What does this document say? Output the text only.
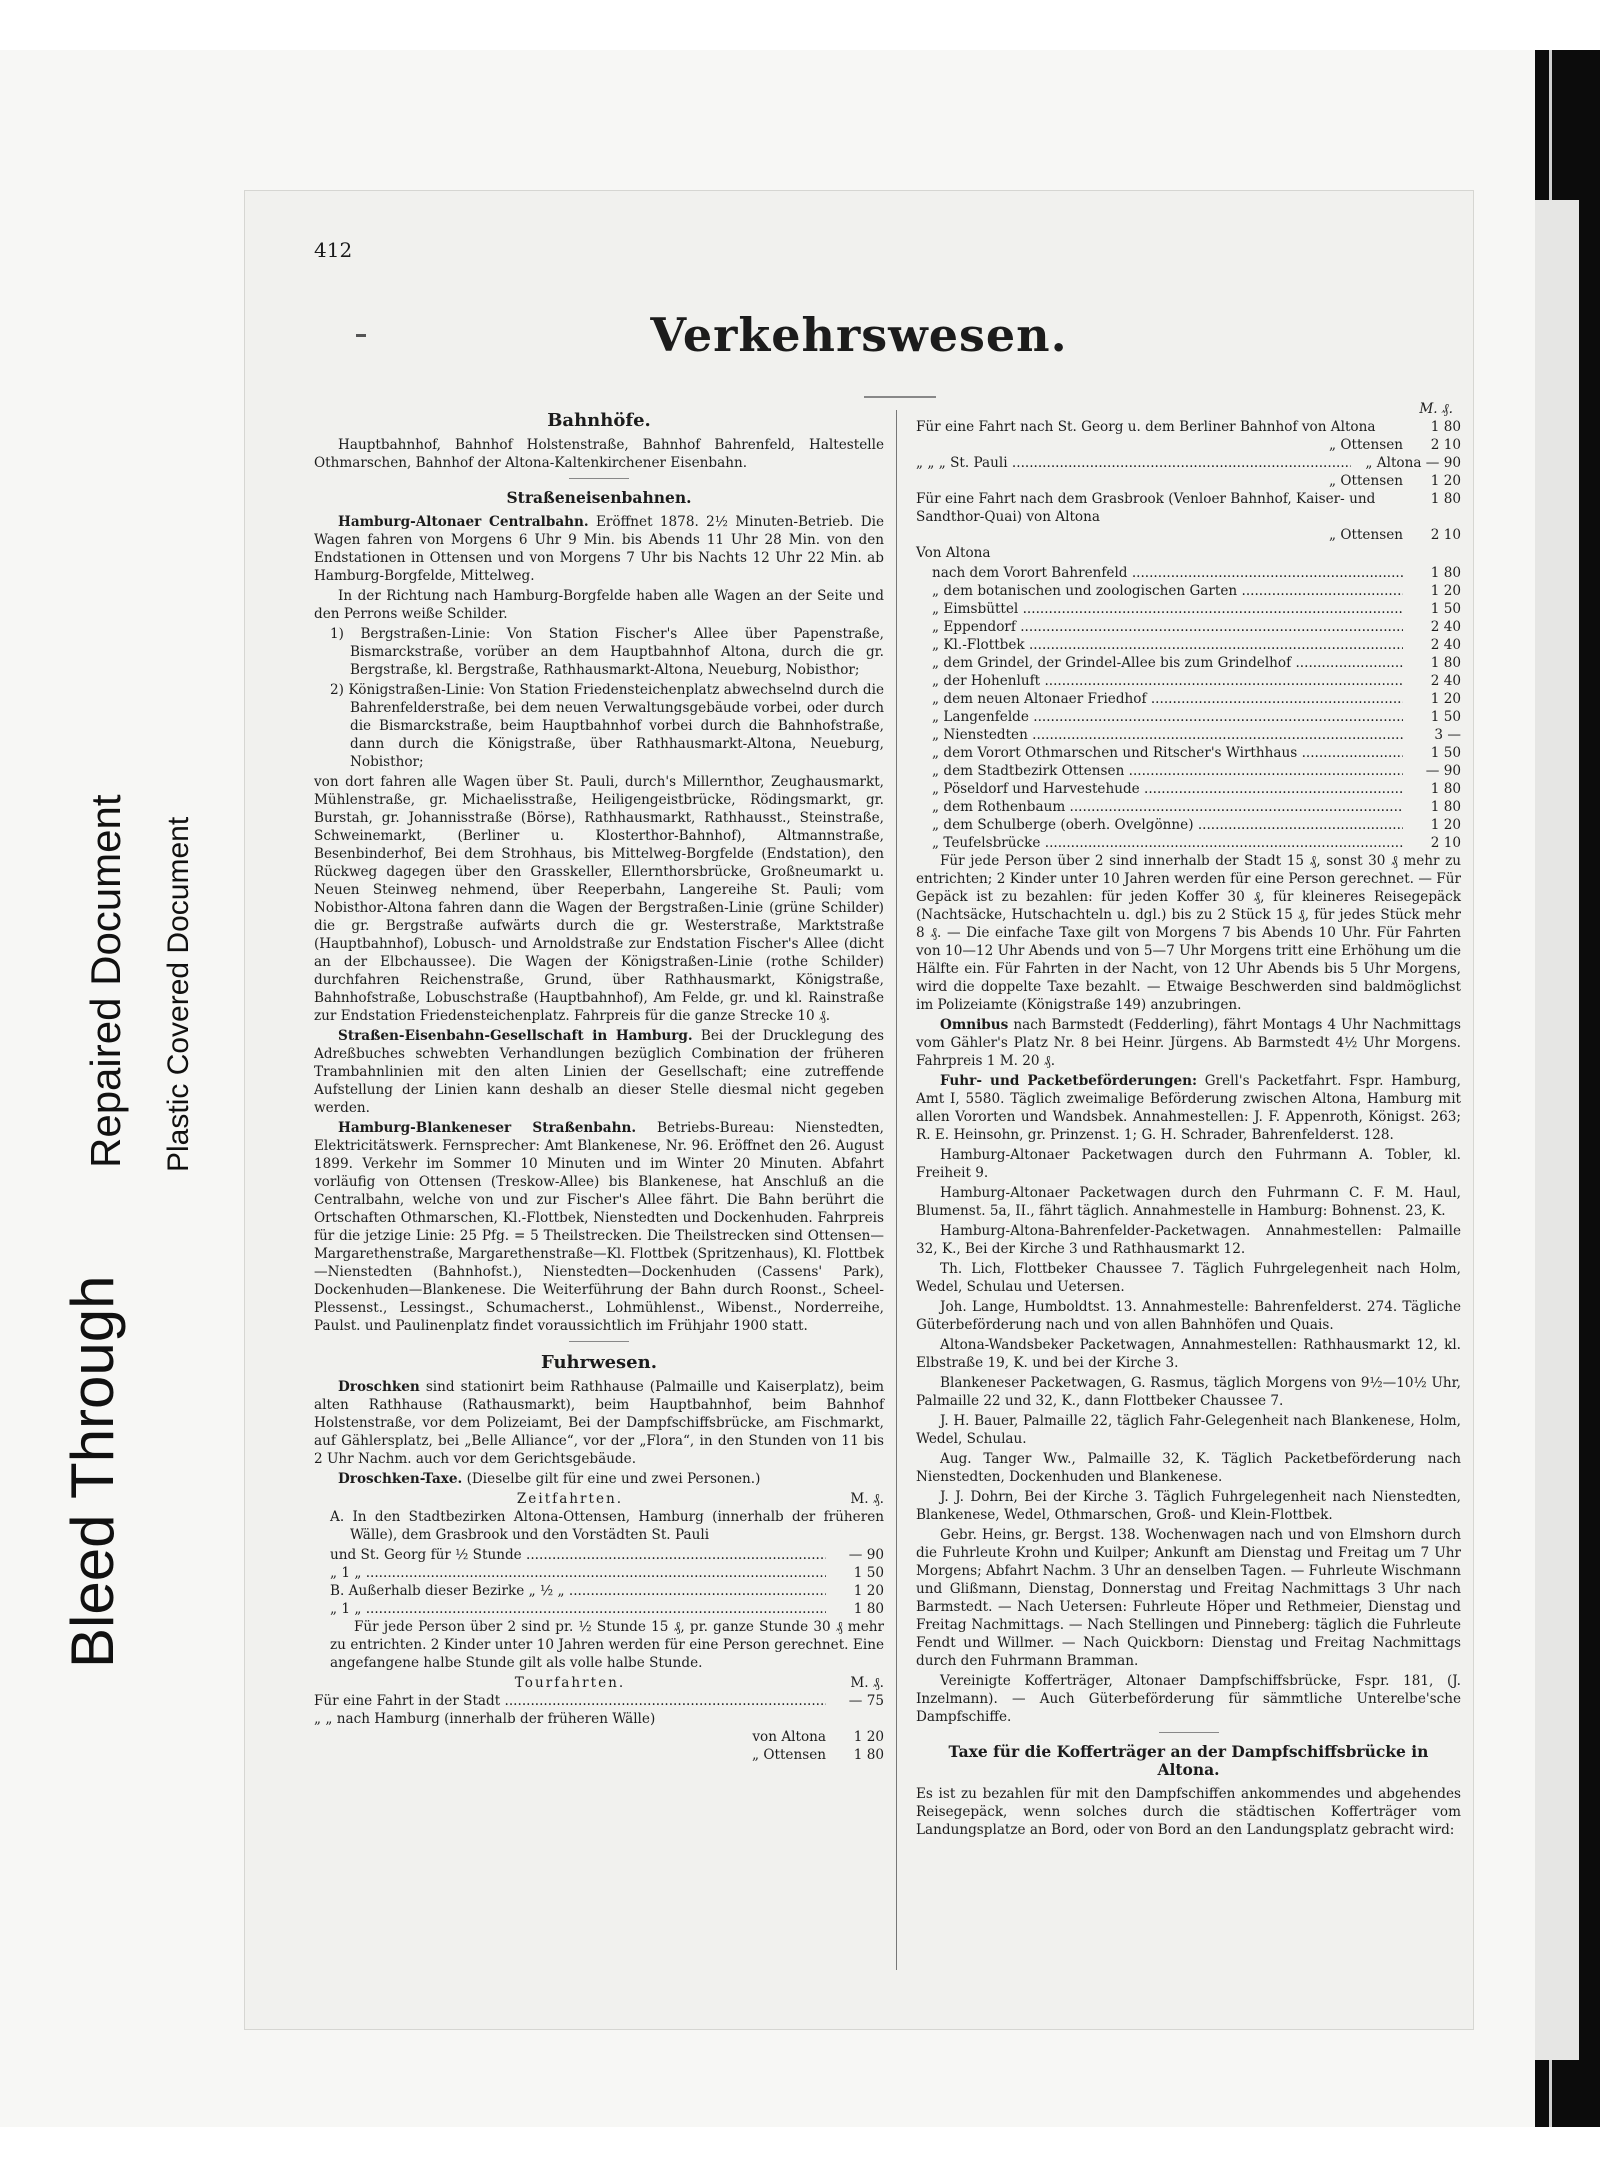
Bleed Through
Repaired Document Plastic Covered Document
412
Verkehrswesen.
Bahnhöfe.

Hauptbahnhof, Bahnhof Holstenstraße, Bahnhof Bahrenfeld, Haltestelle Othmarschen, Bahnhof der Altona-Kaltenkirchener Eisenbahn.

Straßeneisenbahnen.

Hamburg-Altonaer Centralbahn. Eröffnet 1878. 2½ Minuten-Betrieb. Die Wagen fahren von Morgens 6 Uhr 9 Min. bis Abends 11 Uhr 28 Min. von den Endstationen in Ottensen und von Morgens 7 Uhr bis Nachts 12 Uhr 22 Min. ab Hamburg-Borgfelde, Mittelweg.

In der Richtung nach Hamburg-Borgfelde haben alle Wagen an der Seite und den Perrons weiße Schilder.

1) Bergstraßen-Linie: Von Station Fischer's Allee über Papenstraße, Bismarckstraße, vorüber an dem Hauptbahnhof Altona, durch die gr. Bergstraße, kl. Bergstraße, Rathhausmarkt-Altona, Neueburg, Nobisthor;

2) Königstraßen-Linie: Von Station Friedensteichenplatz abwechselnd durch die Bahrenfelderstraße, bei dem neuen Verwaltungsgebäude vorbei, oder durch die Bismarckstraße, beim Hauptbahnhof vorbei durch die Bahnhofstraße, dann durch die Königstraße, über Rathhausmarkt-Altona, Neueburg, Nobisthor;

von dort fahren alle Wagen über St. Pauli, durch's Millernthor, Zeughausmarkt, Mühlenstraße, gr. Michaelisstraße, Heiligengeistbrücke, Rödingsmarkt, gr. Burstah, gr. Johannisstraße (Börse), Rathhausmarkt, Rathhausst., Steinstraße, Schweinemarkt, (Berliner u. Klosterthor-Bahnhof), Altmannstraße, Besenbinderhof, Bei dem Strohhaus, bis Mittelweg-Borgfelde (Endstation), den Rückweg dagegen über den Grasskeller, Ellernthorsbrücke, Großneumarkt u. Neuen Steinweg nehmend, über Reeperbahn, Langereihe St. Pauli; vom Nobisthor-Altona fahren dann die Wagen der Bergstraßen-Linie (grüne Schilder) die gr. Bergstraße aufwärts durch die gr. Westerstraße, Marktstraße (Hauptbahnhof), Lobusch- und Arnoldstraße zur Endstation Fischer's Allee (dicht an der Elbchaussee). Die Wagen der Königstraßen-Linie (rothe Schilder) durchfahren Reichenstraße, Grund, über Rathhausmarkt, Königstraße, Bahnhofstraße, Lobuschstraße (Hauptbahnhof), Am Felde, gr. und kl. Rainstraße zur Endstation Friedensteichenplatz. Fahrpreis für die ganze Strecke 10 ₰.

Straßen-Eisenbahn-Gesellschaft in Hamburg. Bei der Drucklegung des Adreßbuches schwebten Verhandlungen bezüglich Combination der früheren Trambahnlinien mit den alten Linien der Gesellschaft; eine zutreffende Aufstellung der Linien kann deshalb an dieser Stelle diesmal nicht gegeben werden.

Hamburg-Blankeneser Straßenbahn. Betriebs-Bureau: Nienstedten, Elektricitätswerk. Fernsprecher: Amt Blankenese, Nr. 96. Eröffnet den 26. August 1899. Verkehr im Sommer 10 Minuten und im Winter 20 Minuten. Abfahrt vorläufig von Ottensen (Treskow-Allee) bis Blankenese, hat Anschluß an die Centralbahn, welche von und zur Fischer's Allee fährt. Die Bahn berührt die Ortschaften Othmarschen, Kl.-Flottbek, Nienstedten und Dockenhuden. Fahrpreis für die jetzige Linie: 25 Pfg. = 5 Theilstrecken. Die Theilstrecken sind Ottensen—Margarethenstraße, Margarethenstraße—Kl. Flottbek (Spritzenhaus), Kl. Flottbek—Nienstedten (Bahnhofst.), Nienstedten—Dockenhuden (Cassens' Park), Dockenhuden—Blankenese. Die Weiterführung der Bahn durch Roonst., Scheel-Plessenst., Lessingst., Schumacherst., Lohmühlenst., Wibenst., Norderreihe, Paulst. und Paulinenplatz findet voraussichtlich im Frühjahr 1900 statt.

Fuhrwesen.

Droschken sind stationirt beim Rathhause (Palmaille und Kaiserplatz), beim alten Rathhause (Rathausmarkt), beim Hauptbahnhof, beim Bahnhof Holstenstraße, vor dem Polizeiamt, Bei der Dampfschiffsbrücke, am Fischmarkt, auf Gählersplatz, bei „Belle Alliance“, vor der „Flora“, in den Stunden von 11 bis 2 Uhr Nachm. auch vor dem Gerichtsgebäude.

Droschken-Taxe. (Dieselbe gilt für eine und zwei Personen.)

Zeitfahrten.	M. ₰.

A. In den Stadtbezirken Altona-Ottensen, Hamburg (innerhalb der früheren Wälle), dem Grasbrook und den Vorstädten St. Pauli

und St. Georg für ½ Stunde .....	— 90
„ 1 „ .....	1 50
B. Außerhalb dieser Bezirke „ ½ „ .....	1 20
„ 1 „ .....	1 80

Für jede Person über 2 sind pr. ½ Stunde 15 ₰, pr. ganze Stunde 30 ₰ mehr zu entrichten. 2 Kinder unter 10 Jahren werden für eine Person gerechnet. Eine angefangene halbe Stunde gilt als volle halbe Stunde.

Tourfahrten.	M. ₰.
Für eine Fahrt in der Stadt .....	— 75
„ „ nach Hamburg (innerhalb der früheren Wälle)
von Altona	1 20
„ Ottensen	1 80
M. ₰.
Für eine Fahrt nach St. Georg u. dem Berliner Bahnhof von Altona	1 80
„ Ottensen	2 10
„ „ „ St. Pauli .....	„ Altona — 90
„ Ottensen	1 20
Für eine Fahrt nach dem Grasbrook (Venloer Bahnhof, Kaiser- und Sandthor-Quai) von Altona
1 80
„ Ottensen	2 10
Von Altona
nach dem Vorort Bahrenfeld .....	1 80
„ dem botanischen und zoologischen Garten .....	1 20
„ Eimsbüttel .....	1 50
„ Eppendorf .....	2 40
„ Kl.-Flottbek .....	2 40
„ dem Grindel, der Grindel-Allee bis zum Grindelhof .....	1 80
„ der Hohenluft .....	2 40
„ dem neuen Altonaer Friedhof .....	1 20
„ Langenfelde .....	1 50
„ Nienstedten .....	3 —
„ dem Vorort Othmarschen und Ritscher's Wirthhaus .....	1 50
„ dem Stadtbezirk Ottensen .....	— 90
„ Pöseldorf und Harvestehude .....	1 80
„ dem Rothenbaum .....	1 80
„ dem Schulberge (oberh. Ovelgönne) .....	1 20
„ Teufelsbrücke .....	2 10

Für jede Person über 2 sind innerhalb der Stadt 15 ₰, sonst 30 ₰ mehr zu entrichten; 2 Kinder unter 10 Jahren werden für eine Person gerechnet. — Für Gepäck ist zu bezahlen: für jeden Koffer 30 ₰, für kleineres Reisegepäck (Nachtsäcke, Hutschachteln u. dgl.) bis zu 2 Stück 15 ₰, für jedes Stück mehr 8 ₰. — Die einfache Taxe gilt von Morgens 7 bis Abends 10 Uhr. Für Fahrten von 10—12 Uhr Abends und von 5—7 Uhr Morgens tritt eine Erhöhung um die Hälfte ein. Für Fahrten in der Nacht, von 12 Uhr Abends bis 5 Uhr Morgens, wird die doppelte Taxe bezahlt. — Etwaige Beschwerden sind baldmöglichst im Polizeiamte (Königstraße 149) anzubringen.

Omnibus nach Barmstedt (Fedderling), fährt Montags 4 Uhr Nachmittags vom Gähler's Platz Nr. 8 bei Heinr. Jürgens. Ab Barmstedt 4½ Uhr Morgens. Fahrpreis 1 M. 20 ₰.

Fuhr- und Packetbeförderungen: Grell's Packetfahrt. Fspr. Hamburg, Amt I, 5580. Täglich zweimalige Beförderung zwischen Altona, Hamburg mit allen Vororten und Wandsbek. Annahmestellen: J. F. Appenroth, Königst. 263; R. E. Heinsohn, gr. Prinzenst. 1; G. H. Schrader, Bahrenfelderst. 128.

Hamburg-Altonaer Packetwagen durch den Fuhrmann A. Tobler, kl. Freiheit 9.

Hamburg-Altonaer Packetwagen durch den Fuhrmann C. F. M. Haul, Blumenst. 5a, II., fährt täglich. Annahmestelle in Hamburg: Bohnenst. 23, K.

Hamburg-Altona-Bahrenfelder-Packetwagen. Annahmestellen: Palmaille 32, K., Bei der Kirche 3 und Rathhausmarkt 12.

Th. Lich, Flottbeker Chaussee 7. Täglich Fuhrgelegenheit nach Holm, Wedel, Schulau und Uetersen.

Joh. Lange, Humboldtst. 13. Annahmestelle: Bahrenfelderst. 274. Tägliche Güterbeförderung nach und von allen Bahnhöfen und Quais.

Altona-Wandsbeker Packetwagen, Annahmestellen: Rathhausmarkt 12, kl. Elbstraße 19, K. und bei der Kirche 3.

Blankeneser Packetwagen, G. Rasmus, täglich Morgens von 9½—10½ Uhr, Palmaille 22 und 32, K., dann Flottbeker Chaussee 7.

J. H. Bauer, Palmaille 22, täglich Fahr-Gelegenheit nach Blankenese, Holm, Wedel, Schulau.

Aug. Tanger Ww., Palmaille 32, K. Täglich Packetbeförderung nach Nienstedten, Dockenhuden und Blankenese.

J. J. Dohrn, Bei der Kirche 3. Täglich Fuhrgelegenheit nach Nienstedten, Blankenese, Wedel, Othmarschen, Groß- und Klein-Flottbek.

Gebr. Heins, gr. Bergst. 138. Wochenwagen nach und von Elmshorn durch die Fuhrleute Krohn und Kuilper; Ankunft am Dienstag und Freitag um 7 Uhr Morgens; Abfahrt Nachm. 3 Uhr an denselben Tagen. — Fuhrleute Wischmann und Glißmann, Dienstag, Donnerstag und Freitag Nachmittags 3 Uhr nach Barmstedt. — Nach Uetersen: Fuhrleute Höper und Rethmeier, Dienstag und Freitag Nachmittags. — Nach Stellingen und Pinneberg: täglich die Fuhrleute Fendt und Willmer. — Nach Quickborn: Dienstag und Freitag Nachmittags durch den Fuhrmann Bramman.

Vereinigte Kofferträger, Altonaer Dampfschiffsbrücke, Fspr. 181, (J. Inzelmann). — Auch Güterbeförderung für sämmtliche Unterelbe'sche Dampfschiffe.

Taxe für die Kofferträger an der Dampfschiffsbrücke in Altona.

Es ist zu bezahlen für mit den Dampfschiffen ankommendes und abgehendes Reisegepäck, wenn solches durch die städtischen Kofferträger vom Landungsplatze an Bord, oder von Bord an den Landungsplatz gebracht wird:
